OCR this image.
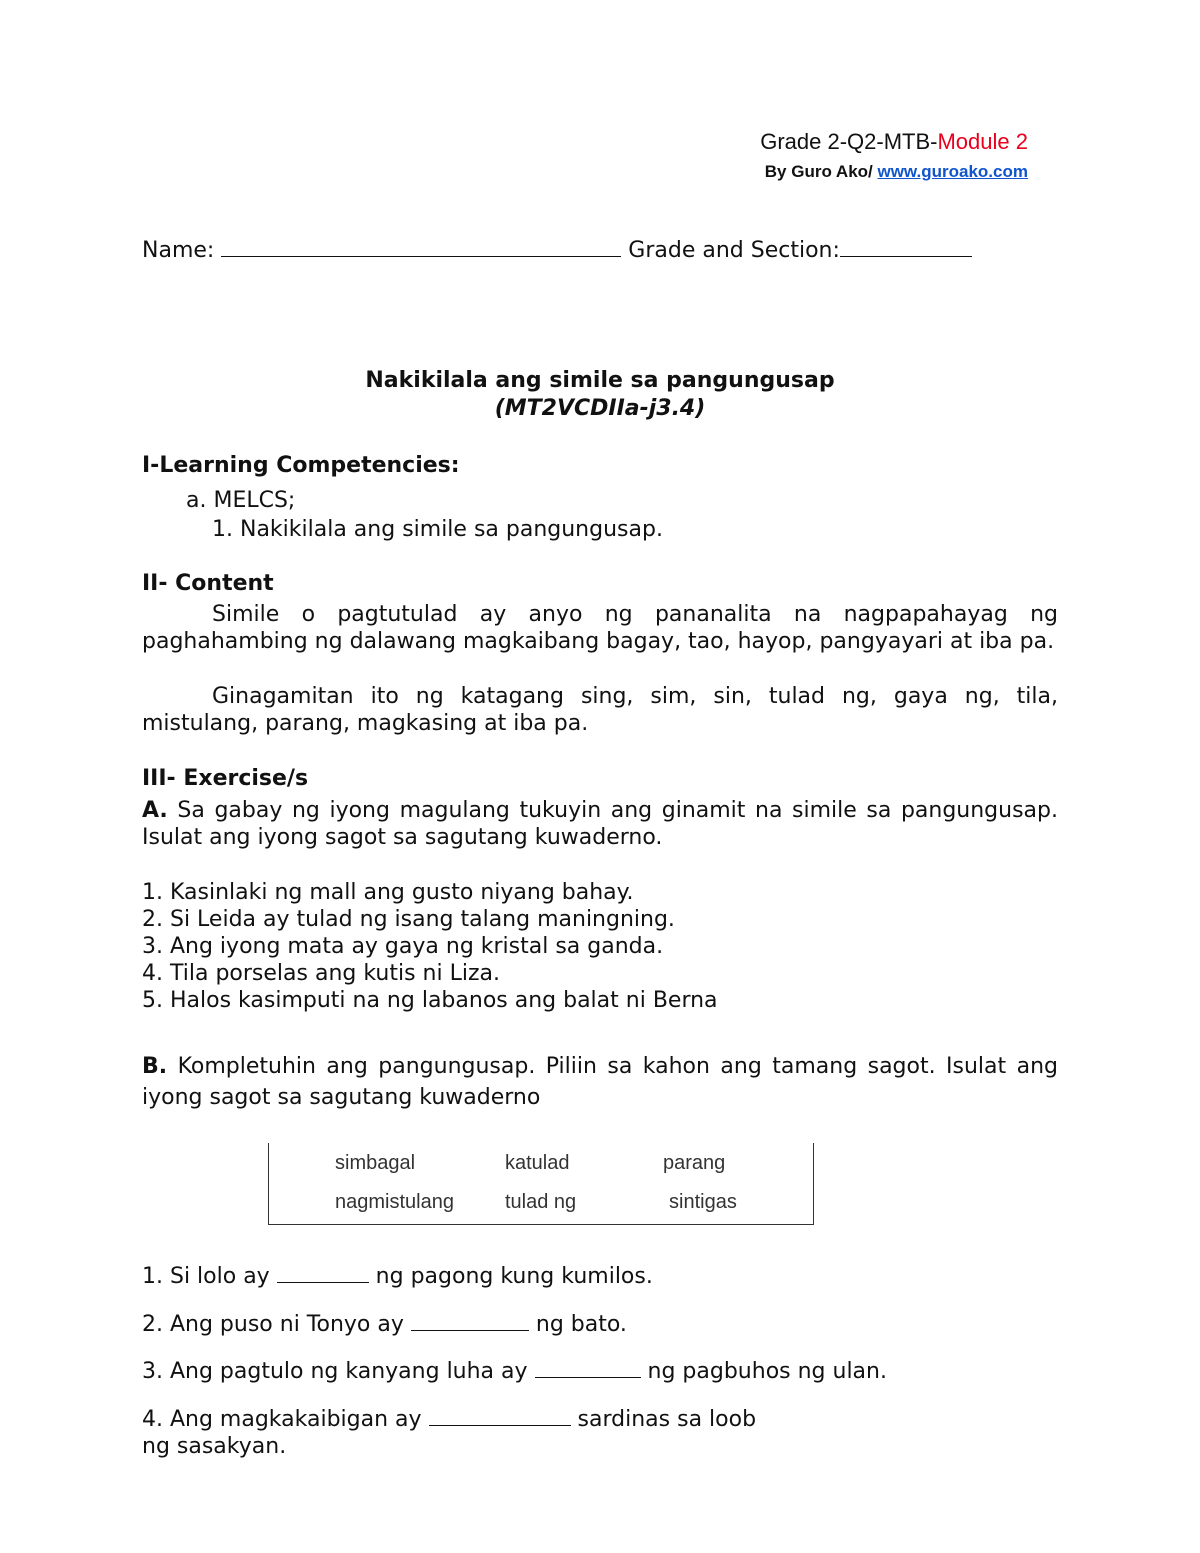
Grade 2-Q2-MTB-Module 2
By Guro Ako/ www.guroako.com
Name:	Grade and Section:
Nakikilala ang simile sa pangungusap
(MT2VCDIIa-j3.4)
I-Learning Competencies:
a. MELCS;
1. Nakikilala ang simile sa pangungusap.
II- Content
Simile o pagtutulad ay anyo ng pananalita na nagpapahayag ng paghahambing ng dalawang magkaibang bagay, tao, hayop, pangyayari at iba pa.
Ginagamitan ito ng katagang sing, sim, sin, tulad ng, gaya ng, tila, mistulang, parang, magkasing at iba pa.
III- Exercise/s
A. Sa gabay ng iyong magulang tukuyin ang ginamit na simile sa pangungusap. Isulat ang iyong sagot sa sagutang kuwaderno.
1. Kasinlaki ng mall ang gusto niyang bahay.
2. Si Leida ay tulad ng isang talang maningning.
3. Ang iyong mata ay gaya ng kristal sa ganda.
4. Tila porselas ang kutis ni Liza.
5. Halos kasimputi na ng labanos ang balat ni Berna
B. Kompletuhin ang pangungusap. Piliin sa kahon ang tamang sagot. Isulat ang iyong sagot sa sagutang kuwaderno
simbagal	katulad	parang
nagmistulang	tulad ng	sintigas
1. Si lolo ay	ng pagong kung kumilos.
2. Ang puso ni Tonyo ay	ng bato.
3. Ang pagtulo ng kanyang luha ay	ng pagbuhos ng ulan.
4. Ang magkakaibigan ay	sardinas sa loob
ng sasakyan.
